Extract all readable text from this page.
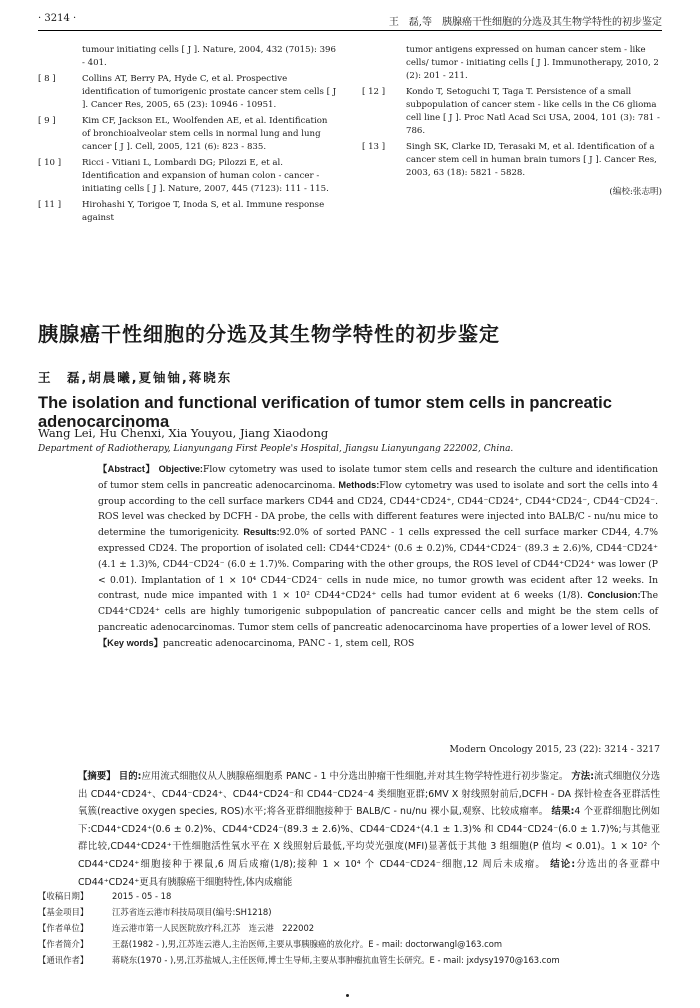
· 3214 ·	王　磊,等　胰腺癌干性细胞的分选及其生物学特性的初步鉴定
tumour initiating cells [ J ]. Nature, 2004, 432 (7015): 396 - 401.
[ 8 ]	Collins AT, Berry PA, Hyde C, et al. Prospective identification of tumorigenic prostate cancer stem cells [ J ]. Cancer Res, 2005, 65 (23): 10946 - 10951.
[ 9 ]	Kim CF, Jackson EL, Woolfenden AE, et al. Identification of bronchioalveolar stem cells in normal lung and lung cancer [ J ]. Cell, 2005, 121 (6): 823 - 835.
[ 10 ] Ricci - Vitiani L, Lombardi DG; Pilozzi E, et al. Identification and expansion of human colon - cancer - initiating cells [ J ]. Nature, 2007, 445 (7123): 111 - 115.
[ 11 ] Hirohashi Y, Torigoe T, Inoda S, et al. Immune response against
tumor antigens expressed on human cancer stem - like cells/ tumor - initiating cells [ J ]. Immunotherapy, 2010, 2 (2): 201 - 211.
[ 12 ] Kondo T, Setoguchi T, Taga T. Persistence of a small subpopulation of cancer stem - like cells in the C6 glioma cell line [ J ]. Proc Natl Acad Sci USA, 2004, 101 (3): 781 - 786.
[ 13 ] Singh SK, Clarke ID, Terasaki M, et al. Identification of a cancer stem cell in human brain tumors [ J ]. Cancer Res, 2003, 63 (18): 5821 - 5828.
(编校:张志明)
胰腺癌干性细胞的分选及其生物学特性的初步鉴定
王　磊,胡晨曦,夏铀铀,蒋晓东
The isolation and functional verification of tumor stem cells in pancreatic adenocarcinoma
Wang Lei, Hu Chenxi, Xia Youyou, Jiang Xiaodong
Department of Radiotherapy, Lianyungang First People's Hospital, Jiangsu Lianyungang 222002, China.
【Abstract】 Objective:Flow cytometry was used to isolate tumor stem cells and research the culture and identification of tumor stem cells in pancreatic adenocarcinoma. Methods:Flow cytometry was used to isolate and sort the cells into 4 group according to the cell surface markers CD44 and CD24, CD44⁺CD24⁺, CD44⁻CD24⁺, CD44⁺CD24⁻, CD44⁻CD24⁻. ROS level was checked by DCFH - DA probe, the cells with different features were injected into BALB/C - nu/nu mice to determine the tumorigenicity. Results:92.0% of sorted PANC - 1 cells expressed the cell surface marker CD44, 4.7% expressed CD24. The proportion of isolated cell: CD44⁺CD24⁺ (0.6 ± 0.2)%, CD44⁺CD24⁻ (89.3 ± 2.6)%, CD44⁻CD24⁺ (4.1 ± 1.3)%, CD44⁻CD24⁻ (6.0 ± 1.7)%. Comparing with the other groups, the ROS level of CD44⁺CD24⁺ was lower (P < 0.01). Implantation of 1 × 10⁴ CD44⁻CD24⁻ cells in nude mice, no tumor growth was ecident after 12 weeks. In contrast, nude mice impanted with 1 × 10² CD44⁺CD24⁺ cells had tumor evident at 6 weeks (1/8). Conclusion:The CD44⁺CD24⁺ cells are highly tumorigenic subpopulation of pancreatic cancer cells and might be the stem cells of pancreatic adenocarcinomas. Tumor stem cells of pancreatic adenocarcinoma have properties of a lower level of ROS.
【Key words】pancreatic adenocarcinoma, PANC - 1, stem cell, ROS
Modern Oncology 2015, 23 (22): 3214 - 3217
【摘要】 目的:应用流式细胞仪从人胰腺癌细胞系 PANC - 1 中分选出肿瘤干性细胞,并对其生物学特性进行初步鉴定。 方法:流式细胞仪分选出 CD44⁺CD24⁺、CD44⁻CD24⁺、CD44⁺CD24⁻和 CD44⁻CD24⁻4 类细胞亚群;6MV X 射线照射前后,DCFH - DA 探针检查各亚群活性氧簇(reactive oxygen species, ROS)水平;将各亚群细胞接种于 BALB/C - nu/nu 裸小鼠,观察、比较成瘤率。 结果:4 个亚群细胞比例如下:CD44⁺CD24⁺(0.6 ± 0.2)%、CD44⁺CD24⁻(89.3 ± 2.6)%、CD44⁻CD24⁺(4.1 ± 1.3)% 和 CD44⁻CD24⁻(6.0 ± 1.7)%;与其他亚群比较,CD44⁺CD24⁺干性细胞活性氧水平在 X 线照射后最低,平均荧光强度(MFI)显著低于其他 3 组细胞(P 值均 < 0.01)。1 × 10² 个 CD44⁺CD24⁺细胞接种于裸鼠,6 周后成瘤(1/8);接种 1 × 10⁴ 个 CD44⁻CD24⁻细胞,12 周后未成瘤。 结论:分选出的各亚群中 CD44⁺CD24⁺更具有胰腺癌干细胞特性,体内成瘤能
【收稿日期】	2015 - 05 - 18
【基金项目】	江苏省连云港市科技局项目(编号:SH1218)
【作者单位】	连云港市第一人民医院放疗科,江苏　连云港　222002
【作者简介】	王磊(1982 - ),男,江苏连云港人,主治医师,主要从事胰腺癌的放化疗。E - mail: doctorwangl@163.com
【通讯作者】	蒋晓东(1970 - ),男,江苏盐城人,主任医师,博士生导师,主要从事肿瘤抗血管生长研究。E - mail: jxdysy1970@163.com
